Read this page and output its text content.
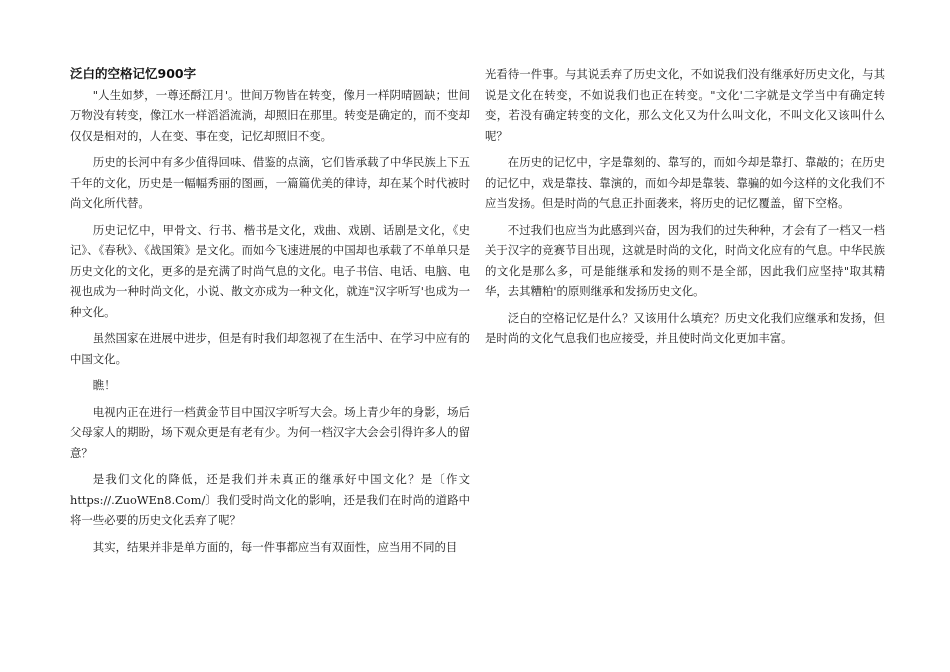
泛白的空格记忆900字

"人生如梦，一尊还酹江月'。世间万物皆在转变，像月一样阴晴圆缺；世间万物没有转变，像江水一样滔滔流淌，却照旧在那里。转变是确定的，而不变却仅仅是相对的，人在变、事在变，记忆却照旧不变。

历史的长河中有多少值得回味、借鉴的点滴，它们皆承载了中华民族上下五千年的文化，历史是一幅幅秀丽的图画，一篇篇优美的律诗，却在某个时代被时尚文化所代替。

历史记忆中，甲骨文、行书、楷书是文化，戏曲、戏剧、话剧是文化，《史记》、《春秋》、《战国策》是文化。而如今飞速进展的中国却也承载了不单单只是历史文化的文化，更多的是充满了时尚气息的文化。电子书信、电话、电脑、电视也成为一种时尚文化，小说、散文亦成为一种文化，就连"汉字听写'也成为一种文化。

虽然国家在进展中进步，但是有时我们却忽视了在生活中、在学习中应有的中国文化。

瞧！

电视内正在进行一档黄金节目中国汉字听写大会。场上青少年的身影，场后父母家人的期盼，场下观众更是有老有少。为何一档汉字大会会引得许多人的留意？

是我们文化的降低，还是我们并未真正的继承好中国文化？是〔作文https://.ZuoWEn8.Com/〕我们受时尚文化的影响，还是我们在时尚的道路中将一些必要的历史文化丢弃了呢？

其实，结果并非是单方面的，每一件事都应当有双面性，应当用不同的目

光看待一件事。与其说丢弃了历史文化，不如说我们没有继承好历史文化，与其说是文化在转变，不如说我们也正在转变。"文化'二字就是文学当中有确定转变，若没有确定转变的文化，那么文化又为什么叫文化，不叫文化又该叫什么呢？

在历史的记忆中，字是靠刻的、靠写的，而如今却是靠打、靠敲的；在历史的记忆中，戏是靠技、靠演的，而如今却是靠装、靠骗的如今这样的文化我们不应当发扬。但是时尚的气息正扑面袭来，将历史的记忆覆盖，留下空格。

不过我们也应当为此感到兴奋，因为我们的过失种种，才会有了一档又一档关于汉字的竞赛节目出现，这就是时尚的文化，时尚文化应有的气息。中华民族的文化是那么多，可是能继承和发扬的则不是全部，因此我们应坚持"取其精华，去其糟粕'的原则继承和发扬历史文化。

泛白的空格记忆是什么？又该用什么填充？历史文化我们应继承和发扬，但是时尚的文化气息我们也应接受，并且使时尚文化更加丰富。
